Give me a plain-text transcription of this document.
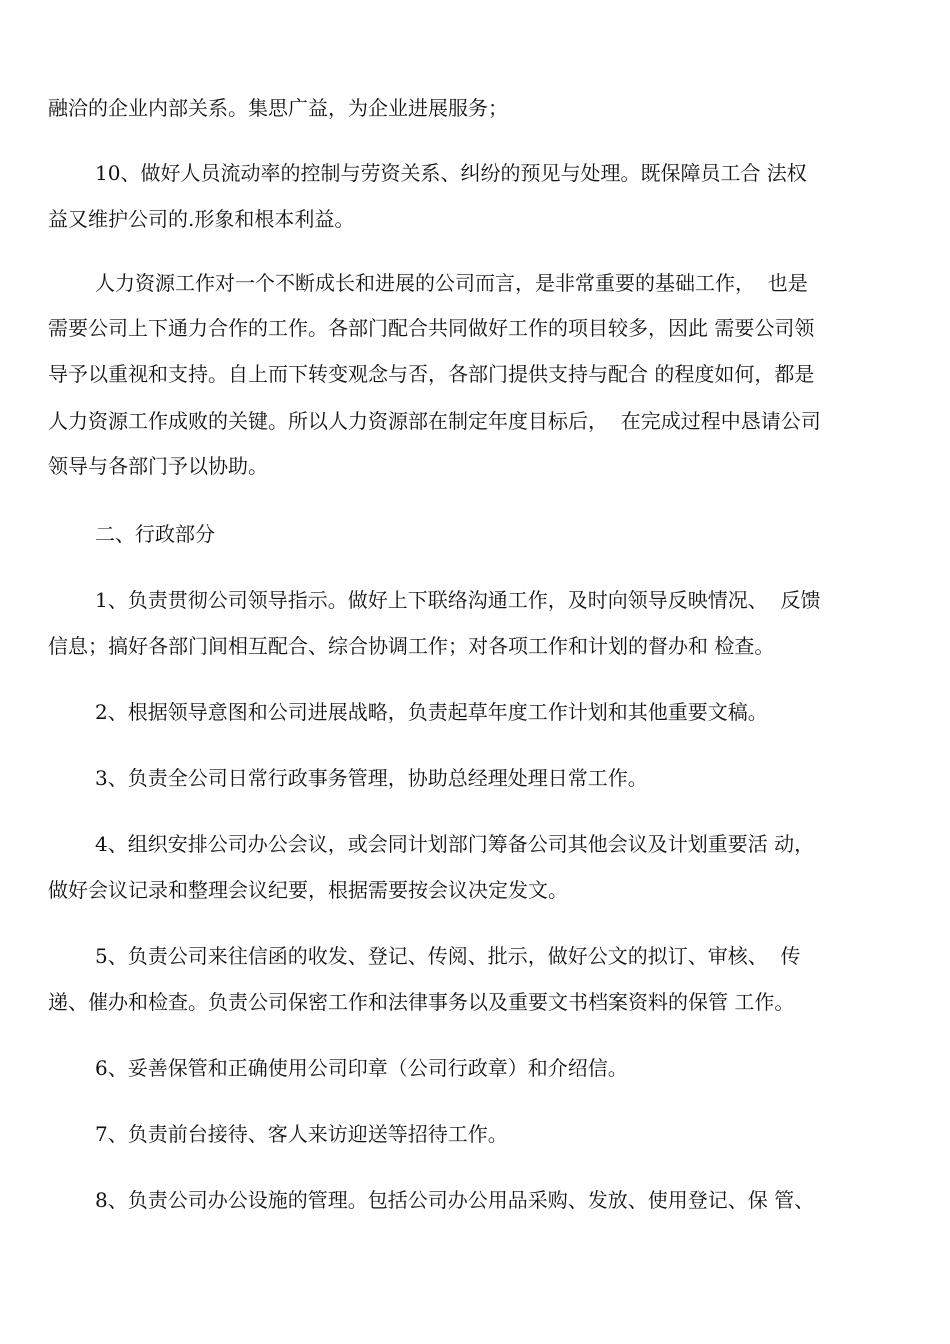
融洽的企业内部关系。集思广益，为企业进展服务；

10、做好人员流动率的控制与劳资关系、纠纷的预见与处理。既保障员工合 法权

益又维护公司的.形象和根本利益。

人力资源工作对一个不断成长和进展的公司而言，是非常重要的基础工作，  也是

需要公司上下通力合作的工作。各部门配合共同做好工作的项目较多，因此 需要公司领

导予以重视和支持。自上而下转变观念与否，各部门提供支持与配合 的程度如何，都是

人力资源工作成败的关键。所以人力资源部在制定年度目标后，  在完成过程中恳请公司

领导与各部门予以协助。

二、行政部分

1、负责贯彻公司领导指示。做好上下联络沟通工作，及时向领导反映情况、  反馈

信息；搞好各部门间相互配合、综合协调工作；对各项工作和计划的督办和 检查。

2、根据领导意图和公司进展战略，负责起草年度工作计划和其他重要文稿。

3、负责全公司日常行政事务管理，协助总经理处理日常工作。

4、组织安排公司办公会议，或会同计划部门筹备公司其他会议及计划重要活 动，

做好会议记录和整理会议纪要，根据需要按会议决定发文。

5、负责公司来往信函的收发、登记、传阅、批示，做好公文的拟订、审核、  传

递、催办和检查。负责公司保密工作和法律事务以及重要文书档案资料的保管 工作。

6、妥善保管和正确使用公司印章（公司行政章）和介绍信。

7、负责前台接待、客人来访迎送等招待工作。

8、负责公司办公设施的管理。包括公司办公用品采购、发放、使用登记、保 管、
